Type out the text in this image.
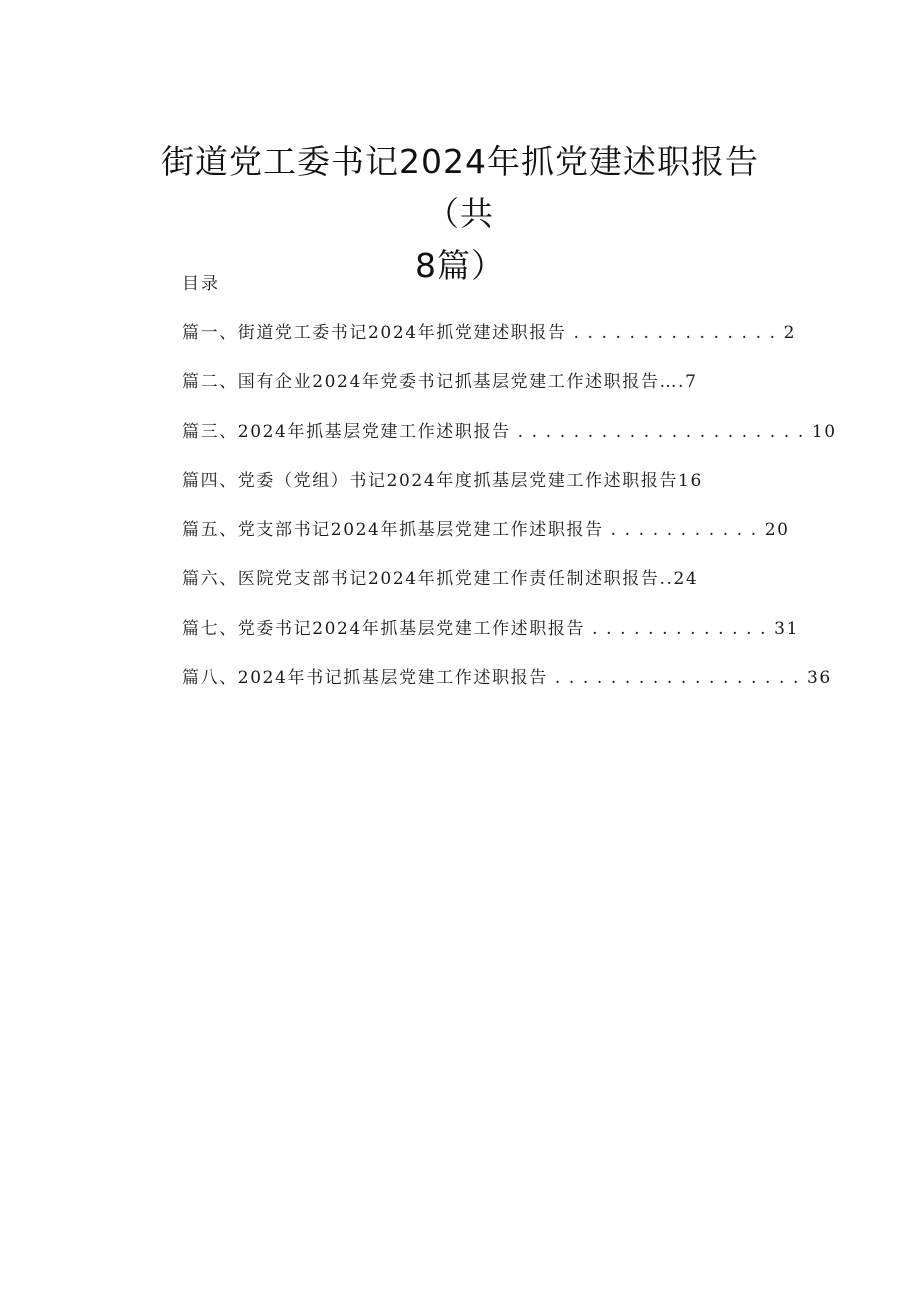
街道党工委书记2024年抓党建述职报告（共
8篇）
目录
篇一、街道党工委书记2024年抓党建述职报告 . . . . . . . . . . . . . . . 2
篇二、国有企业2024年党委书记抓基层党建工作述职报告….7
篇三、2024年抓基层党建工作述职报告 . . . . . . . . . . . . . . . . . . . . . 10
篇四、党委（党组）书记2024年度抓基层党建工作述职报告16
篇五、党支部书记2024年抓基层党建工作述职报告 . . . . . . . . . . . 20
篇六、医院党支部书记2024年抓党建工作责任制述职报告..24
篇七、党委书记2024年抓基层党建工作述职报告 . . . . . . . . . . . . . 31
篇八、2024年书记抓基层党建工作述职报告 . . . . . . . . . . . . . . . . . . 36
